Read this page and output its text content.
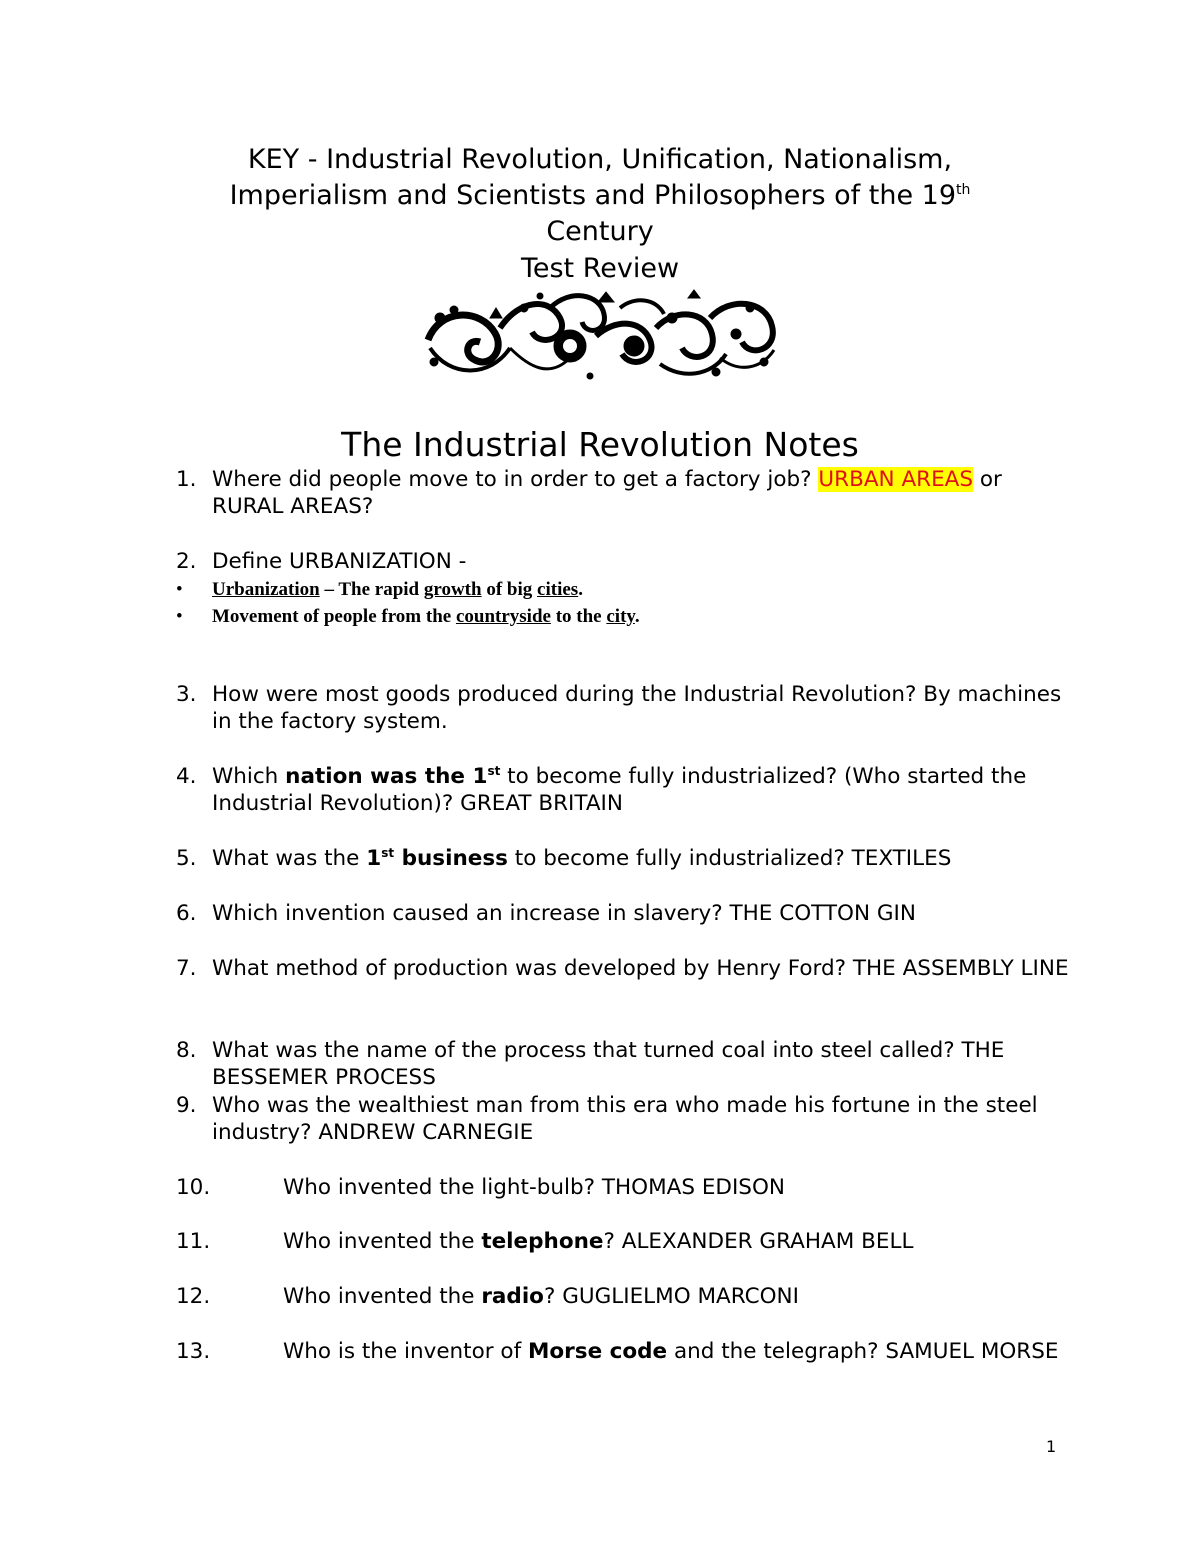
KEY - Industrial Revolution, Unification, Nationalism,
Imperialism and Scientists and Philosophers of the 19th
Century
Test Review
The Industrial Revolution Notes
1. Where did people move to in order to get a factory job? URBAN AREAS or RURAL AREAS?
2. Define URBANIZATION -
• Urbanization – The rapid growth of big cities.
• Movement of people from the countryside to the city.
3. How were most goods produced during the Industrial Revolution? By machines in the factory system.
4. Which nation was the 1st to become fully industrialized? (Who started the Industrial Revolution)? GREAT BRITAIN
5. What was the 1st business to become fully industrialized? TEXTILES
6. Which invention caused an increase in slavery? THE COTTON GIN
7. What method of production was developed by Henry Ford? THE ASSEMBLY LINE
8. What was the name of the process that turned coal into steel called? THE BESSEMER PROCESS
9. Who was the wealthiest man from this era who made his fortune in the steel industry? ANDREW CARNEGIE
10.	Who invented the light-bulb? THOMAS EDISON
11.	Who invented the telephone? ALEXANDER GRAHAM BELL
12.	Who invented the radio? GUGLIELMO MARCONI
13.	Who is the inventor of Morse code and the telegraph? SAMUEL MORSE
1
